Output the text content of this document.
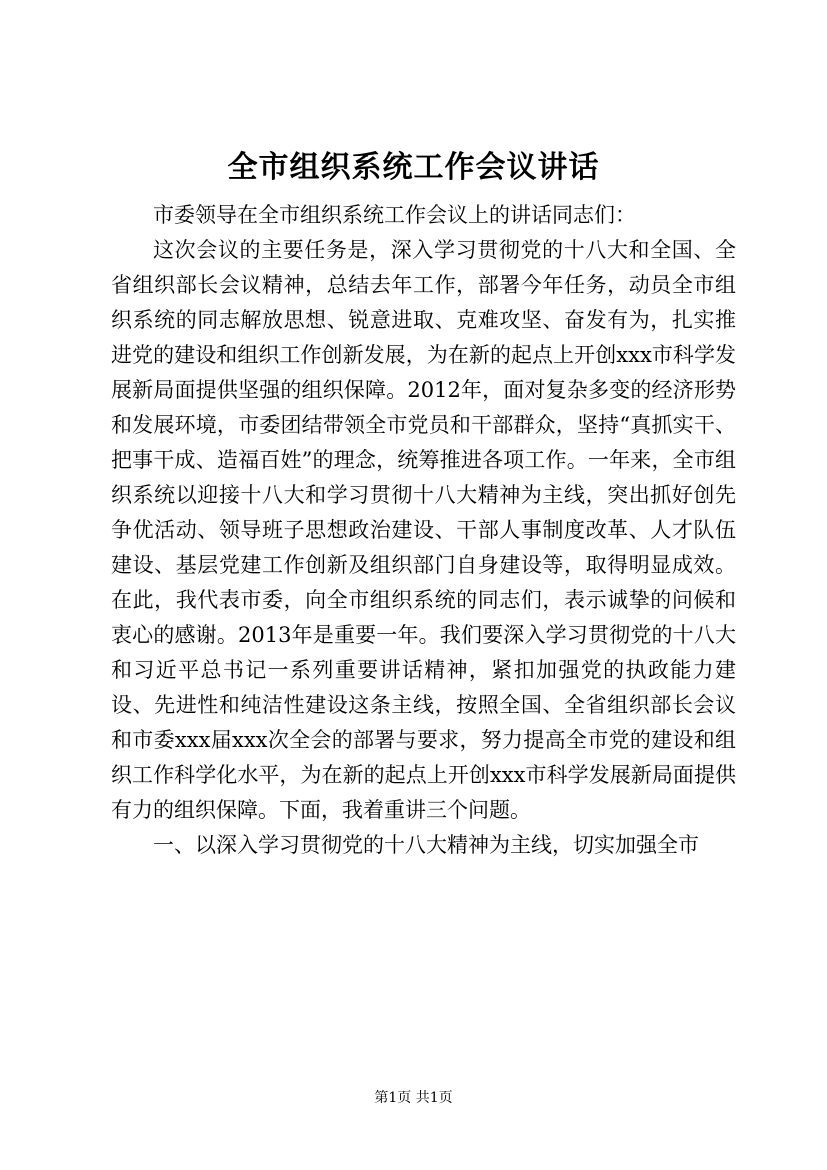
全市组织系统工作会议讲话

市委领导在全市组织系统工作会议上的讲话同志们：

这次会议的主要任务是，深入学习贯彻党的十八大和全国、全省组织部长会议精神，总结去年工作，部署今年任务，动员全市组织系统的同志解放思想、锐意进取、克难攻坚、奋发有为，扎实推进党的建设和组织工作创新发展，为在新的起点上开创xxx市科学发展新局面提供坚强的组织保障。2012年，面对复杂多变的经济形势和发展环境，市委团结带领全市党员和干部群众，坚持“真抓实干、把事干成、造福百姓”的理念，统筹推进各项工作。一年来，全市组织系统以迎接十八大和学习贯彻十八大精神为主线，突出抓好创先争优活动、领导班子思想政治建设、干部人事制度改革、人才队伍建设、基层党建工作创新及组织部门自身建设等，取得明显成效。在此，我代表市委，向全市组织系统的同志们，表示诚挚的问候和衷心的感谢。2013年是重要一年。我们要深入学习贯彻党的十八大和习近平总书记一系列重要讲话精神，紧扣加强党的执政能力建设、先进性和纯洁性建设这条主线，按照全国、全省组织部长会议和市委xxx届xxx次全会的部署与要求，努力提高全市党的建设和组织工作科学化水平，为在新的起点上开创xxx市科学发展新局面提供有力的组织保障。下面，我着重讲三个问题。

一、以深入学习贯彻党的十八大精神为主线，切实加强全市

第1页 共1页
